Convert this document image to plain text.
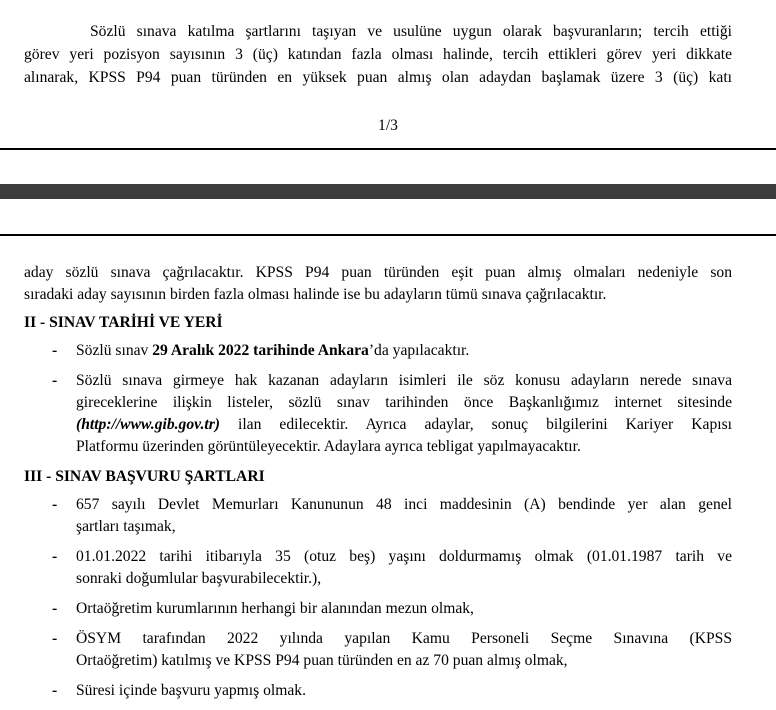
Sözlü sınava katılma şartlarını taşıyan ve usulüne uygun olarak başvuranların; tercih ettiği
görev yeri pozisyon sayısının 3 (üç) katından fazla olması halinde, tercih ettikleri görev yeri dikkate
alınarak, KPSS P94 puan türünden en yüksek puan almış olan adaydan başlamak üzere 3 (üç) katı
1/3
aday sözlü sınava çağrılacaktır. KPSS P94 puan türünden eşit puan almış olmaları nedeniyle son
sıradaki aday sayısının birden fazla olması halinde ise bu adayların tümü sınava çağrılacaktır.
II - SINAV TARİHİ VE YERİ
- Sözlü sınav 29 Aralık 2022 tarihinde Ankara’da yapılacaktır.
- Sözlü sınava girmeye hak kazanan adayların isimleri ile söz konusu adayların nerede sınava
gireceklerine ilişkin listeler, sözlü sınav tarihinden önce Başkanlığımız internet sitesinde
(http://www.gib.gov.tr) ilan edilecektir. Ayrıca adaylar, sonuç bilgilerini Kariyer Kapısı
Platformu üzerinden görüntüleyecektir. Adaylara ayrıca tebligat yapılmayacaktır.
III - SINAV BAŞVURU ŞARTLARI
- 657 sayılı Devlet Memurları Kanununun 48 inci maddesinin (A) bendinde yer alan genel
şartları taşımak,
- 01.01.2022 tarihi itibarıyla 35 (otuz beş) yaşını doldurmamış olmak (01.01.1987 tarih ve
sonraki doğumlular başvurabilecektir.),
- Ortaöğretim kurumlarının herhangi bir alanından mezun olmak,
- ÖSYM tarafından 2022 yılında yapılan Kamu Personeli Seçme Sınavına (KPSS
Ortaöğretim) katılmış ve KPSS P94 puan türünden en az 70 puan almış olmak,
- Süresi içinde başvuru yapmış olmak.
